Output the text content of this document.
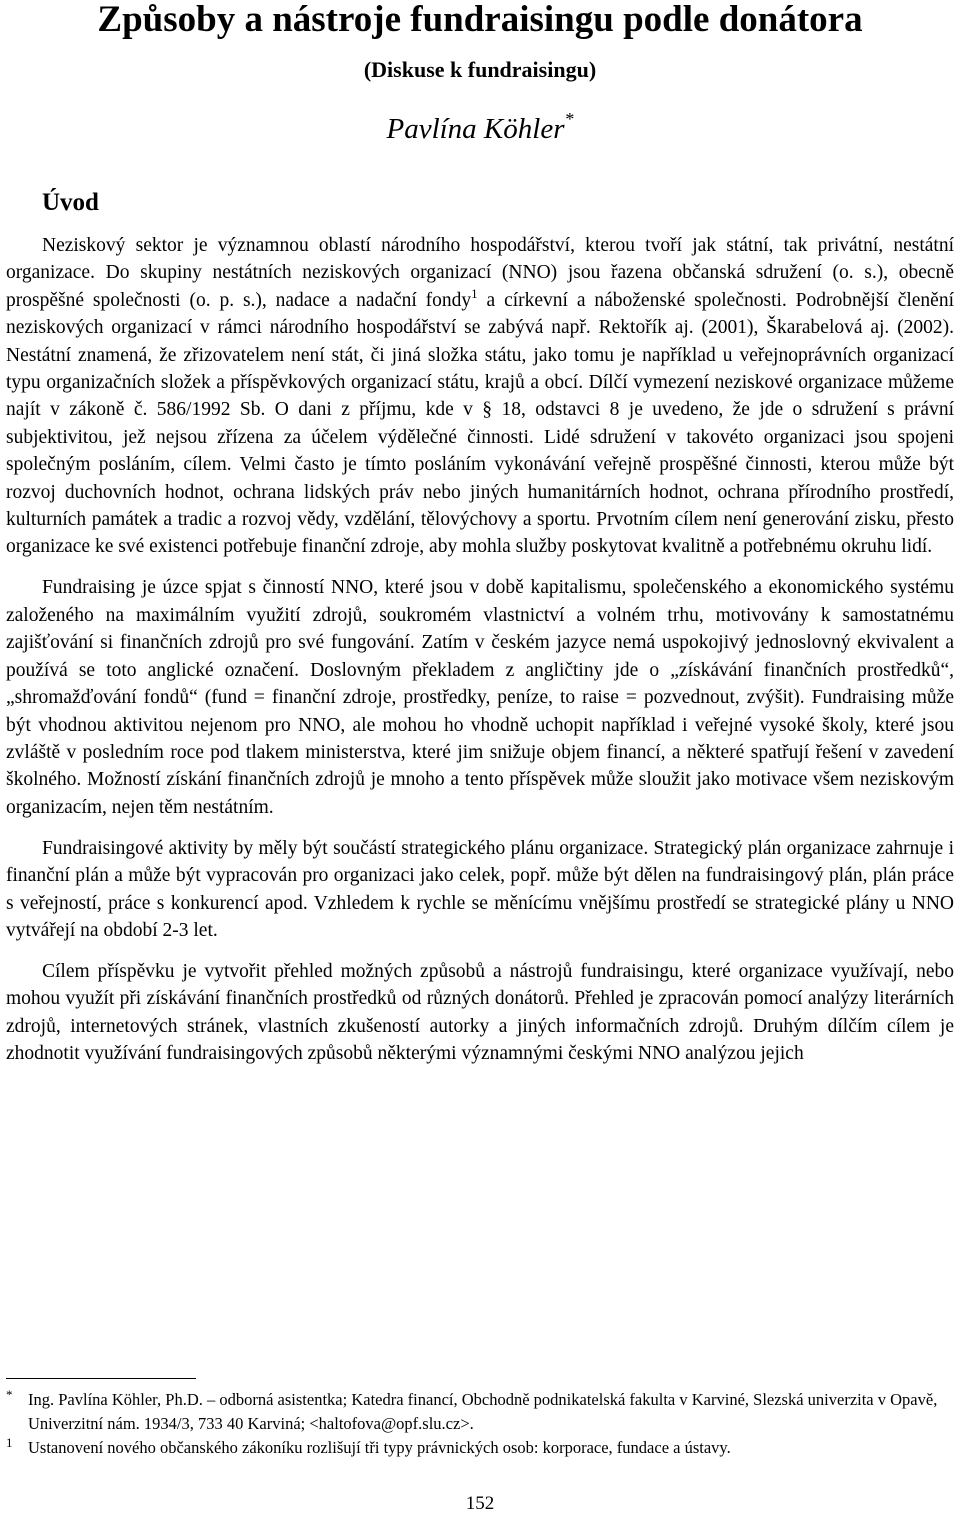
Způsoby a nástroje fundraisingu podle donátora
(Diskuse k fundraisingu)
Pavlína Köhler*
Úvod

Neziskový sektor je významnou oblastí národního hospodářství, kterou tvoří jak státní, tak privátní, nestátní organizace. Do skupiny nestátních neziskových organizací (NNO) jsou řazena občanská sdružení (o. s.), obecně prospěšné společnosti (o. p. s.), nadace a nadační fondy$^1$ a církevní a náboženské společnosti. Podrobnější členění neziskových organizací v rámci národního hospodářství se zabývá např. Rektořík aj. (2001), Škarabelová aj. (2002). Nestátní znamená, že zřizovatelem není stát, či jiná složka státu, jako tomu je například u veřejnoprávních organizací typu organizačních složek a příspěvkových organizací státu, krajů a obcí. Dílčí vymezení neziskové organizace můžeme najít v zákoně č. 586/1992 Sb. O dani z příjmu, kde v § 18, odstavci 8 je uvedeno, že jde o sdružení s právní subjektivitou, jež nejsou zřízena za účelem výdělečné činnosti. Lidé sdružení v takovéto organizaci jsou spojeni společným posláním, cílem. Velmi často je tímto posláním vykonávání veřejně prospěšné činnosti, kterou může být rozvoj duchovních hodnot, ochrana lidských práv nebo jiných humanitárních hodnot, ochrana přírodního prostředí, kulturních památek a tradic a rozvoj vědy, vzdělání, tělovýchovy a sportu. Prvotním cílem není generování zisku, přesto organizace ke své existenci potřebuje finanční zdroje, aby mohla služby poskytovat kvalitně a potřebnému okruhu lidí.

Fundraising je úzce spjat s činností NNO, které jsou v době kapitalismu, společenského a ekonomického systému založeného na maximálním využití zdrojů, soukromém vlastnictví a volném trhu, motivovány k samostatnému zajišťování si finančních zdrojů pro své fungování. Zatím v českém jazyce nemá uspokojivý jednoslovný ekvivalent a používá se toto anglické označení. Doslovným překladem z angličtiny jde o „získávání finančních prostředků“, „shromažďování fondů“ (fund = finanční zdroje, prostředky, peníze, to raise = pozvednout, zvýšit). Fundraising může být vhodnou aktivitou nejenom pro NNO, ale mohou ho vhodně uchopit například i veřejné vysoké školy, které jsou zvláště v posledním roce pod tlakem ministerstva, které jim snižuje objem financí, a některé spatřují řešení v zavedení školného. Možností získání finančních zdrojů je mnoho a tento příspěvek může sloužit jako motivace všem neziskovým organizacím, nejen těm nestátním.

Fundraisingové aktivity by měly být součástí strategického plánu organizace. Strategický plán organizace zahrnuje i finanční plán a může být vypracován pro organizaci jako celek, popř. může být dělen na fundraisingový plán, plán práce s veřejností, práce s konkurencí apod. Vzhledem k rychle se měnícímu vnějšímu prostředí se strategické plány u NNO vytvářejí na období 2-3 let.

Cílem příspěvku je vytvořit přehled možných způsobů a nástrojů fundraisingu, které organizace využívají, nebo mohou využít při získávání finančních prostředků od různých donátorů. Přehled je zpracován pomocí analýzy literárních zdrojů, internetových stránek, vlastních zkušeností autorky a jiných informačních zdrojů. Druhým dílčím cílem je zhodnotit využívání fundraisingových způsobů některými významnými českými NNO analýzou jejich

* Ing. Pavlína Köhler, Ph.D. – odborná asistentka; Katedra financí, Obchodně podnikatelská fakulta v Karviné, Slezská univerzita v Opavě, Univerzitní nám. 1934/3, 733 40 Karviná; <haltofova@opf.slu.cz>.
1 Ustanovení nového občanského zákoníku rozlišují tři typy právnických osob: korporace, fundace a ústavy.
152
